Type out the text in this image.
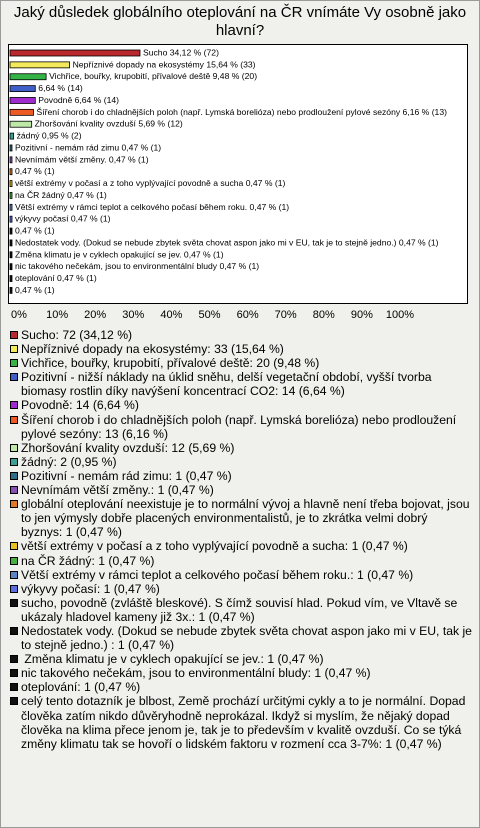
Jaký důsledek globálního oteplování na ČR vnímáte Vy osobně jako hlavní?
Sucho 34,12 % (72)
Nepříznivé dopady na ekosystémy 15,64 % (33)
Vichřice, bouřky, krupobití, přívalové deště 9,48 % (20)
6,64 % (14)
Povodně 6,64 % (14)
Šíření chorob i do chladnějších poloh (např. Lymská borelióza) nebo prodloužení pylové sezóny 6,16 % (13)
Zhoršování kvality ovzduší 5,69 % (12)
žádný 0,95 % (2)
Pozitivní - nemám rád zimu 0,47 % (1)
Nevnímám větší změny. 0,47 % (1)
0,47 % (1)
větší extrémy v počasí a z toho vyplývající povodně a sucha 0,47 % (1)
na ČR žádný 0,47 % (1)
Větší extrémy v rámci teplot a celkového počasí během roku. 0,47 % (1)
výkyvy počasí 0,47 % (1)
0,47 % (1)
Nedostatek vody. (Dokud se nebude zbytek světa chovat aspon jako mi v EU, tak je to stejně jedno.) 0,47 % (1)
Změna klimatu je v cyklech opakující se jev. 0,47 % (1)
nic takového nečekám, jsou to environmentální bludy 0,47 % (1)
oteplování 0,47 % (1)
0,47 % (1)
0% 10% 20% 30% 40% 50% 60% 70% 80% 90% 100%
Sucho: 72 (34,12 %)
Nepříznivé dopady na ekosystémy: 33 (15,64 %)
Vichřice, bouřky, krupobití, přívalové deště: 20 (9,48 %)
Pozitivní - nižší náklady na úklid sněhu, delší vegetační období, vyšší tvorba biomasy rostlin díky navýšení koncentrací CO2: 14 (6,64 %)
Povodně: 14 (6,64 %)
Šíření chorob i do chladnějších poloh (např. Lymská borelióza) nebo prodloužení pylové sezóny: 13 (6,16 %)
Zhoršování kvality ovzduší: 12 (5,69 %)
žádný: 2 (0,95 %)
Pozitivní - nemám rád zimu: 1 (0,47 %)
Nevnímám větší změny.: 1 (0,47 %)
globální oteplování neexistuje je to normální vývoj a hlavně není třeba bojovat, jsou to jen výmysly dobře placených environmentalistů, je to zkrátka velmi dobrý byznys: 1 (0,47 %)
větší extrémy v počasí a z toho vyplývající povodně a sucha: 1 (0,47 %)
na ČR žádný: 1 (0,47 %)
Větší extrémy v rámci teplot a celkového počasí během roku.: 1 (0,47 %)
výkyvy počasí: 1 (0,47 %)
sucho, povodně (zvláště bleskové). S čímž souvisí hlad. Pokud vím, ve Vltavě se ukázaly hladovel kameny již 3x.: 1 (0,47 %)
Nedostatek vody. (Dokud se nebude zbytek světa chovat aspon jako mi v EU, tak je to stejně jedno.) : 1 (0,47 %)
Změna klimatu je v cyklech opakující se jev.: 1 (0,47 %)
nic takového nečekám, jsou to environmentální bludy: 1 (0,47 %)
oteplování: 1 (0,47 %)
celý tento dotazník je blbost, Země prochází určitými cykly a to je normální. Dopad člověka zatím nikdo důvěryhodně neprokázal. Ikdyž si myslím, že nějaký dopad člověka na klima přece jenom je, tak je to především v kvalitě ovzduší. Co se týká změny klimatu tak se hovoří o lidském faktoru v rozmení cca 3-7%: 1 (0,47 %)
